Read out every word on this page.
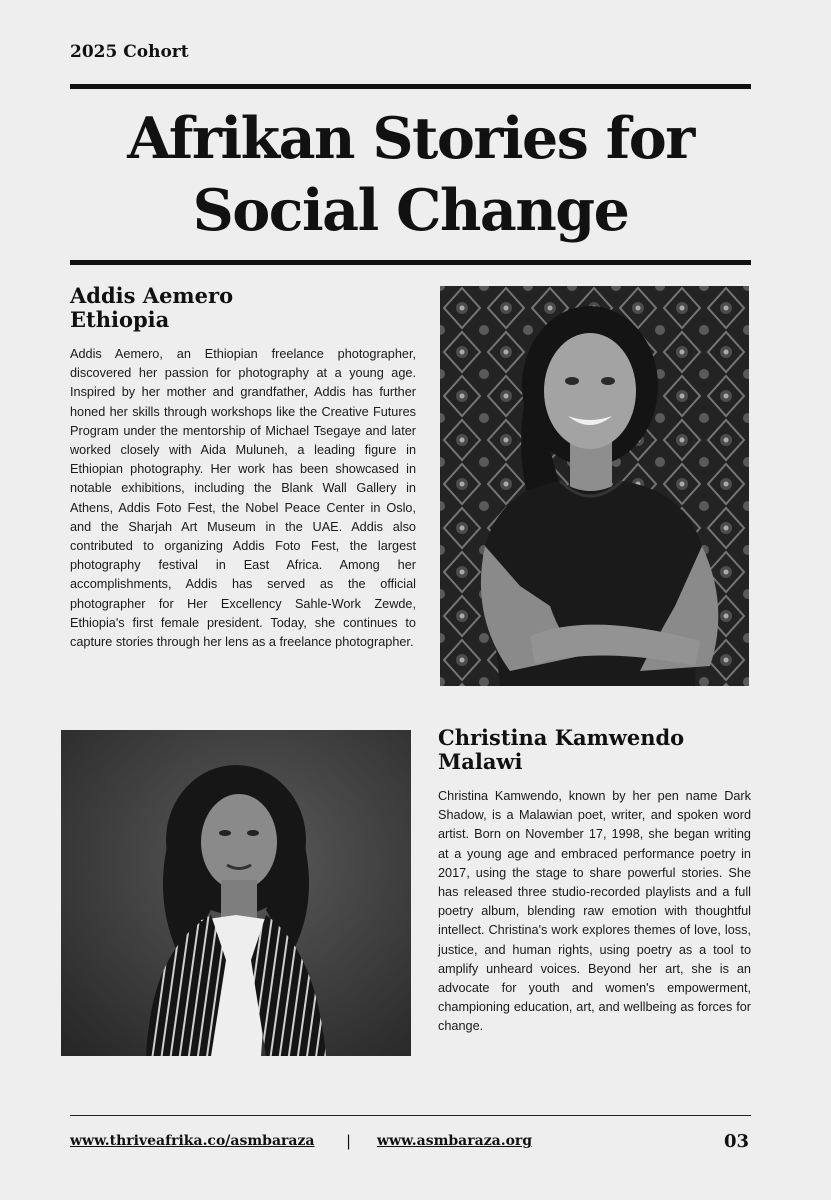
2025 Cohort
Afrikan Stories for
Social Change
Addis Aemero
Ethiopia

Addis Aemero, an Ethiopian freelance photographer, discovered her passion for photography at a young age. Inspired by her mother and grandfather, Addis has further honed her skills through workshops like the Creative Futures Program under the mentorship of Michael Tsegaye and later worked closely with Aida Muluneh, a leading figure in Ethiopian photography. Her work has been showcased in notable exhibitions, including the Blank Wall Gallery in Athens, Addis Foto Fest, the Nobel Peace Center in Oslo, and the Sharjah Art Museum in the UAE. Addis also contributed to organizing Addis Foto Fest, the largest photography festival in East Africa. Among her accomplishments, Addis has served as the official photographer for Her Excellency Sahle-Work Zewde, Ethiopia's first female president. Today, she continues to capture stories through her lens as a freelance photographer.

Christina Kamwendo
Malawi

Christina Kamwendo, known by her pen name Dark Shadow, is a Malawian poet, writer, and spoken word artist. Born on November 17, 1998, she began writing at a young age and embraced performance poetry in 2017, using the stage to share powerful stories. She has released three studio-recorded playlists and a full poetry album, blending raw emotion with thoughtful intellect. Christina's work explores themes of love, loss, justice, and human rights, using poetry as a tool to amplify unheard voices. Beyond her art, she is an advocate for youth and women's empowerment, championing education, art, and wellbeing as forces for change.

www.thriveafrika.co/asmbaraza | www.asmbaraza.org	03
